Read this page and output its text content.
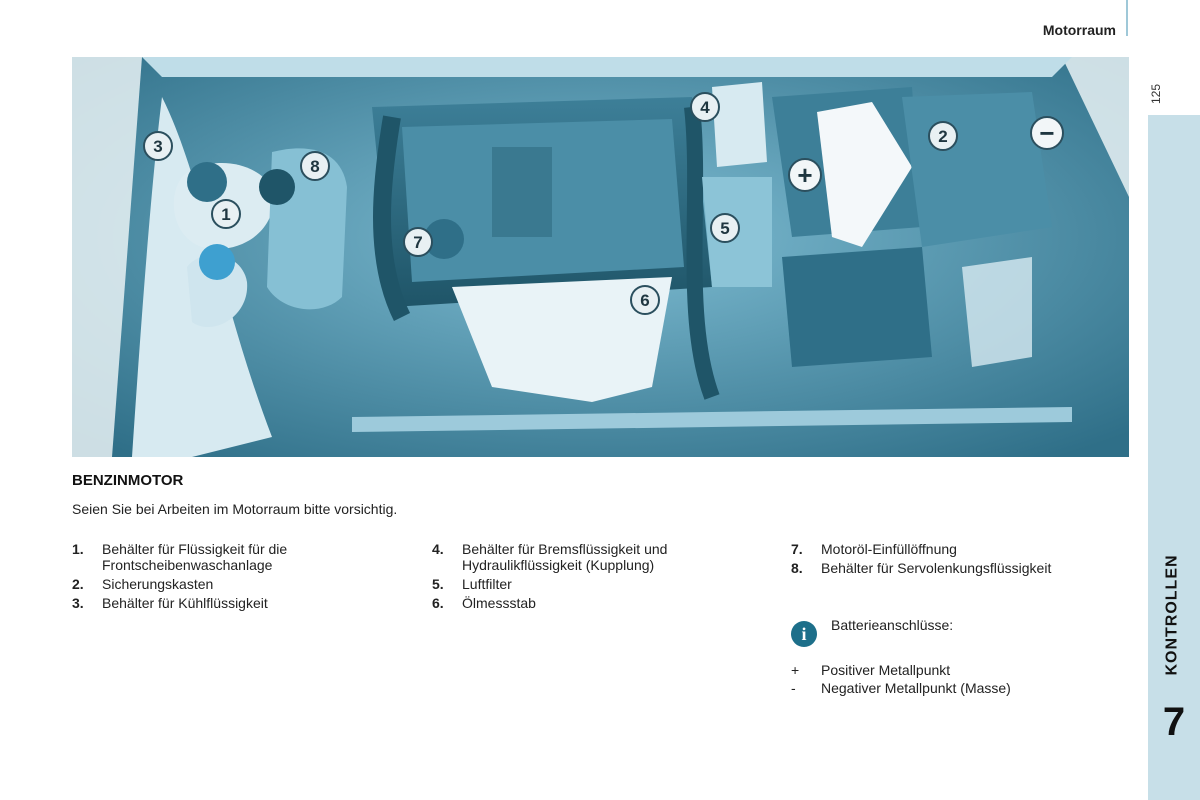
Motorraum
125
KONTROLLEN
7
1
2
3
4
5
6
7
8	+
−
BENZINMOTOR
Seien Sie bei Arbeiten im Motorraum bitte vorsichtig.
1.	Behälter für Flüssigkeit für die Frontscheibenwaschanlage
2.	Sicherungskasten
3.	Behälter für Kühlflüssigkeit
4.	Behälter für Bremsflüssigkeit und Hydraulikflüssigkeit (Kupplung)
5.	Luftfilter
6.	Ölmessstab
7.	Motoröl-Einfüllöffnung
8.	Behälter für Servolenkungsflüssigkeit
i	Batterieanschlüsse:
+	Positiver Metallpunkt
-	Negativer Metallpunkt (Masse)
